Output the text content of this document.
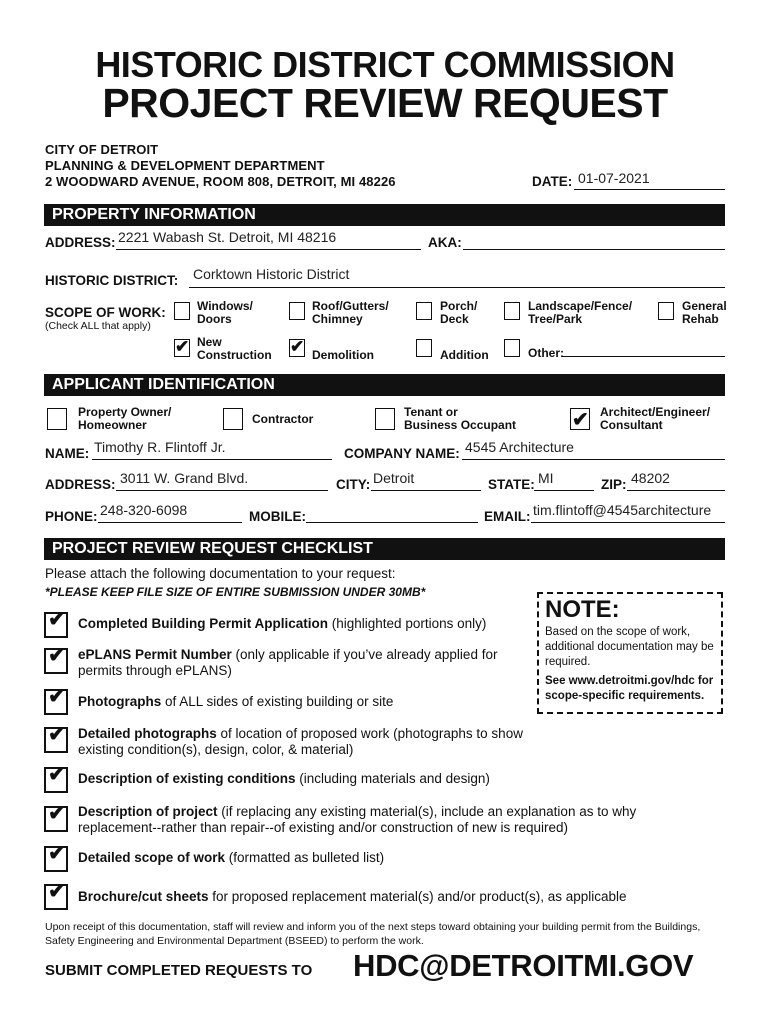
HISTORIC DISTRICT COMMISSION
PROJECT REVIEW REQUEST
CITY OF DETROIT
PLANNING & DEVELOPMENT DEPARTMENT
2 WOODWARD AVENUE, ROOM 808, DETROIT, MI 48226	DATE: 01-07-2021
PROPERTY INFORMATION
ADDRESS: 2221 Wabash St. Detroit, MI 48216	AKA:
HISTORIC DISTRICT: Corktown Historic District
SCOPE OF WORK:
(Check ALL that apply)
Windows/
Doors
Roof/Gutters/
Chimney
Porch/
Deck
Landscape/Fence/
Tree/Park
General
Rehab
✔
New
Construction
✔	Demolition	Addition	Other:
APPLICANT IDENTIFICATION
Property Owner/
Homeowner	Contractor	Tenant or
Business Occupant
✔
Architect/Engineer/
Consultant
NAME: Timothy R. Flintoff Jr.	COMPANY NAME: 4545 Architecture
ADDRESS: 3011 W. Grand Blvd.	CITY: Detroit	STATE: MI	ZIP: 48202
PHONE: 248-320-6098	MOBILE:	EMAIL: tim.flintoff@4545architecture
PROJECT REVIEW REQUEST CHECKLIST
Please attach the following documentation to your request:
*PLEASE KEEP FILE SIZE OF ENTIRE SUBMISSION UNDER 30MB*
✔
Completed Building Permit Application (highlighted portions only)
✔
ePLANS Permit Number (only applicable if you’ve already applied for permits through ePLANS)
✔
Photographs of ALL sides of existing building or site
✔
Detailed photographs of location of proposed work (photographs to show existing condition(s), design, color, & material)
✔
Description of existing conditions (including materials and design)
✔
Description of project (if replacing any existing material(s), include an explanation as to why replacement--rather than repair--of existing and/or construction of new is required)
✔
Detailed scope of work (formatted as bulleted list)
✔
Brochure/cut sheets for proposed replacement material(s) and/or product(s), as applicable
NOTE:
Based on the scope of work, additional documentation may be required.
See www.detroitmi.gov/hdc for scope-specific requirements.
Upon receipt of this documentation, staff will review and inform you of the next steps toward obtaining your building permit from the Buildings, Safety Engineering and Environmental Department (BSEED) to perform the work.
SUBMIT COMPLETED REQUESTS TO HDC@DETROITMI.GOV
